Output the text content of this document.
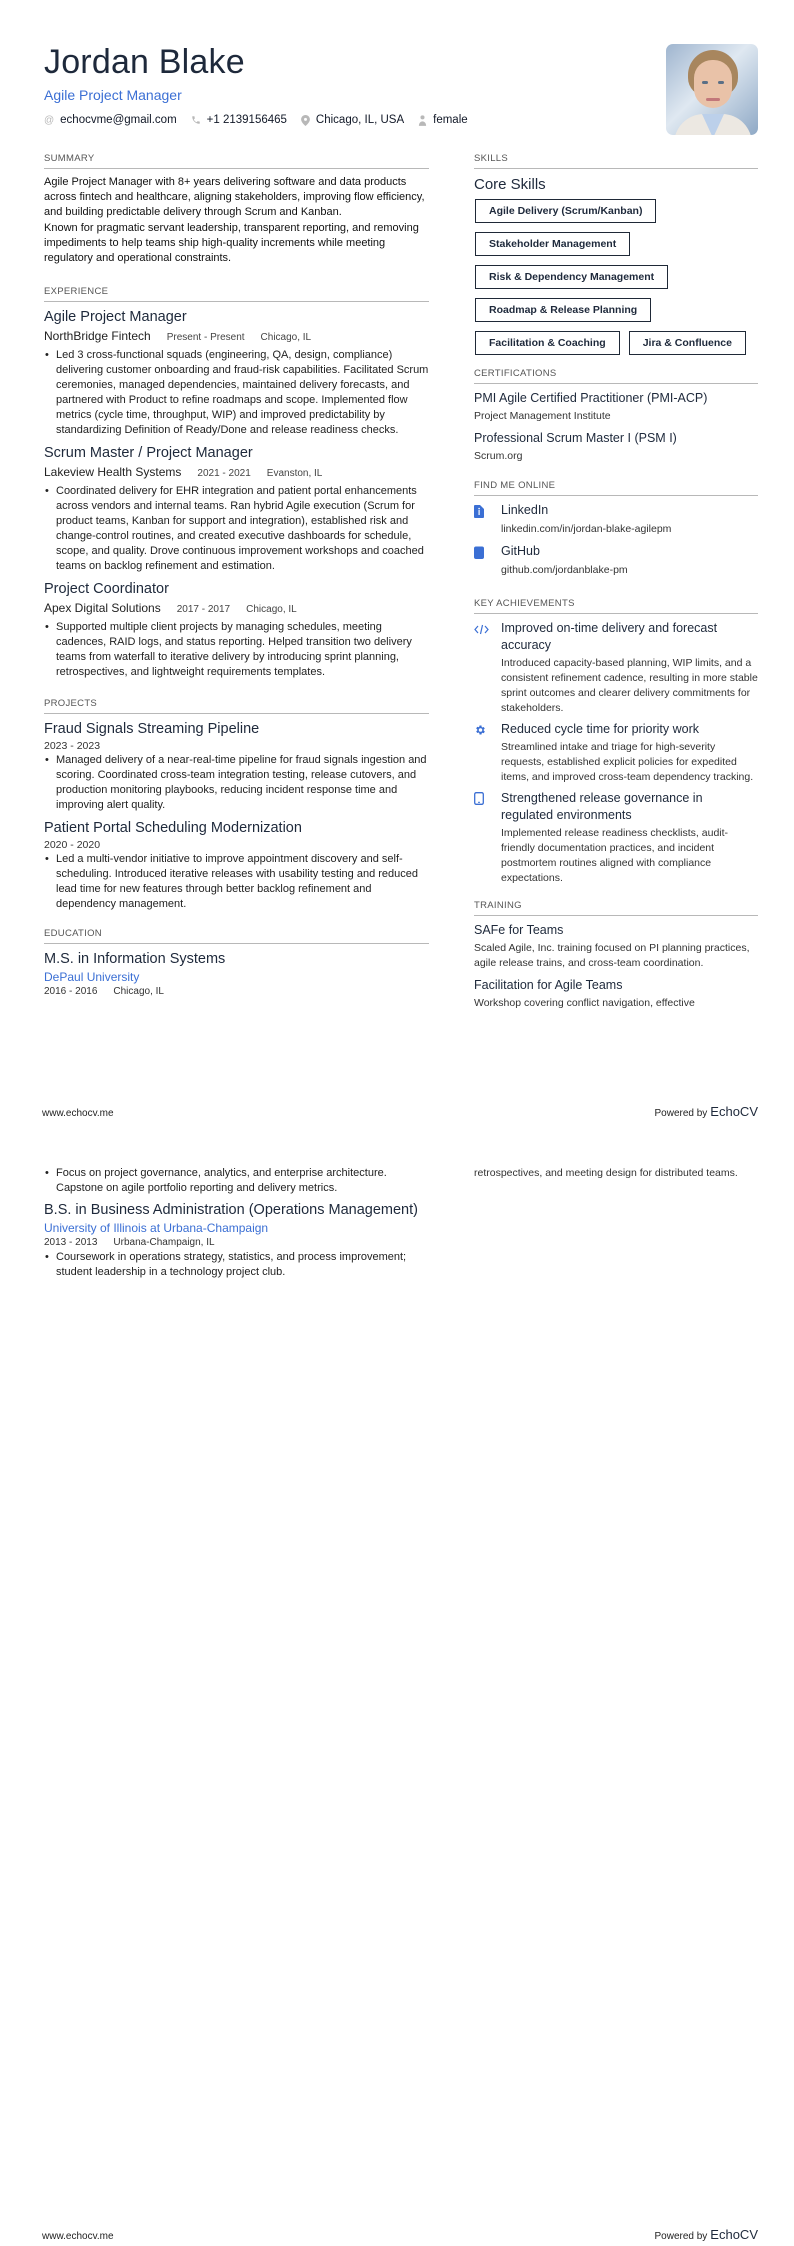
Jordan Blake
Agile Project Manager
@ echocvme@gmail.com	+1 2139156465	Chicago, IL, USA	female
SUMMARY

Agile Project Manager with 8+ years delivering software and data products across fintech and healthcare, aligning stakeholders, improving flow efficiency, and building predictable delivery through Scrum and Kanban.

Known for pragmatic servant leadership, transparent reporting, and removing impediments to help teams ship high-quality increments while meeting regulatory and operational constraints.

EXPERIENCE
Agile Project Manager
NorthBridge Fintech Present - Present Chicago, IL
• Led 3 cross-functional squads (engineering, QA, design, compliance) delivering customer onboarding and fraud-risk capabilities. Facilitated Scrum ceremonies, managed dependencies, maintained delivery forecasts, and partnered with Product to refine roadmaps and scope. Implemented flow metrics (cycle time, throughput, WIP) and improved predictability by standardizing Definition of Ready/Done and release readiness checks.
Scrum Master / Project Manager
Lakeview Health Systems 2021 - 2021 Evanston, IL
• Coordinated delivery for EHR integration and patient portal enhancements across vendors and internal teams. Ran hybrid Agile execution (Scrum for product teams, Kanban for support and integration), established risk and change-control routines, and created executive dashboards for schedule, scope, and quality. Drove continuous improvement workshops and coached teams on backlog refinement and estimation.
Project Coordinator
Apex Digital Solutions 2017 - 2017 Chicago, IL
• Supported multiple client projects by managing schedules, meeting cadences, RAID logs, and status reporting. Helped transition two delivery teams from waterfall to iterative delivery by introducing sprint planning, retrospectives, and lightweight requirements templates.
PROJECTS
Fraud Signals Streaming Pipeline
2023 - 2023
• Managed delivery of a near-real-time pipeline for fraud signals ingestion and scoring. Coordinated cross-team integration testing, release cutovers, and production monitoring playbooks, reducing incident response time and improving alert quality.
Patient Portal Scheduling Modernization
2020 - 2020
• Led a multi-vendor initiative to improve appointment discovery and self-scheduling. Introduced iterative releases with usability testing and reduced lead time for new features through better backlog refinement and dependency management.
EDUCATION
M.S. in Information Systems
DePaul University
2016 - 2016 Chicago, IL
SKILLS
Core Skills
Agile Delivery (Scrum/Kanban)
Stakeholder Management
Risk & Dependency Management
Roadmap & Release Planning
Facilitation & Coaching	Jira & Confluence
CERTIFICATIONS
PMI Agile Certified Practitioner (PMI-ACP)
Project Management Institute
Professional Scrum Master I (PSM I)
Scrum.org
FIND ME ONLINE
LinkedIn
linkedin.com/in/jordan-blake-agilepm
GitHub
github.com/jordanblake-pm
KEY ACHIEVEMENTS
Improved on-time delivery and forecast accuracy
Introduced capacity-based planning, WIP limits, and a consistent refinement cadence, resulting in more stable sprint outcomes and clearer delivery commitments for stakeholders.
Reduced cycle time for priority work
Streamlined intake and triage for high-severity requests, established explicit policies for expedited items, and improved cross-team dependency tracking.
Strengthened release governance in regulated environments
Implemented release readiness checklists, audit-friendly documentation practices, and incident postmortem routines aligned with compliance expectations.
TRAINING
SAFe for Teams
Scaled Agile, Inc. training focused on PI planning practices, agile release trains, and cross-team coordination.
Facilitation for Agile Teams
Workshop covering conflict navigation, effective
www.echocv.me	Powered by EchoCV
• Focus on project governance, analytics, and enterprise architecture. Capstone on agile portfolio reporting and delivery metrics.
B.S. in Business Administration (Operations Management)
University of Illinois at Urbana-Champaign
2013 - 2013 Urbana-Champaign, IL
• Coursework in operations strategy, statistics, and process improvement; student leadership in a technology project club.
retrospectives, and meeting design for distributed teams.
www.echocv.me	Powered by EchoCV
